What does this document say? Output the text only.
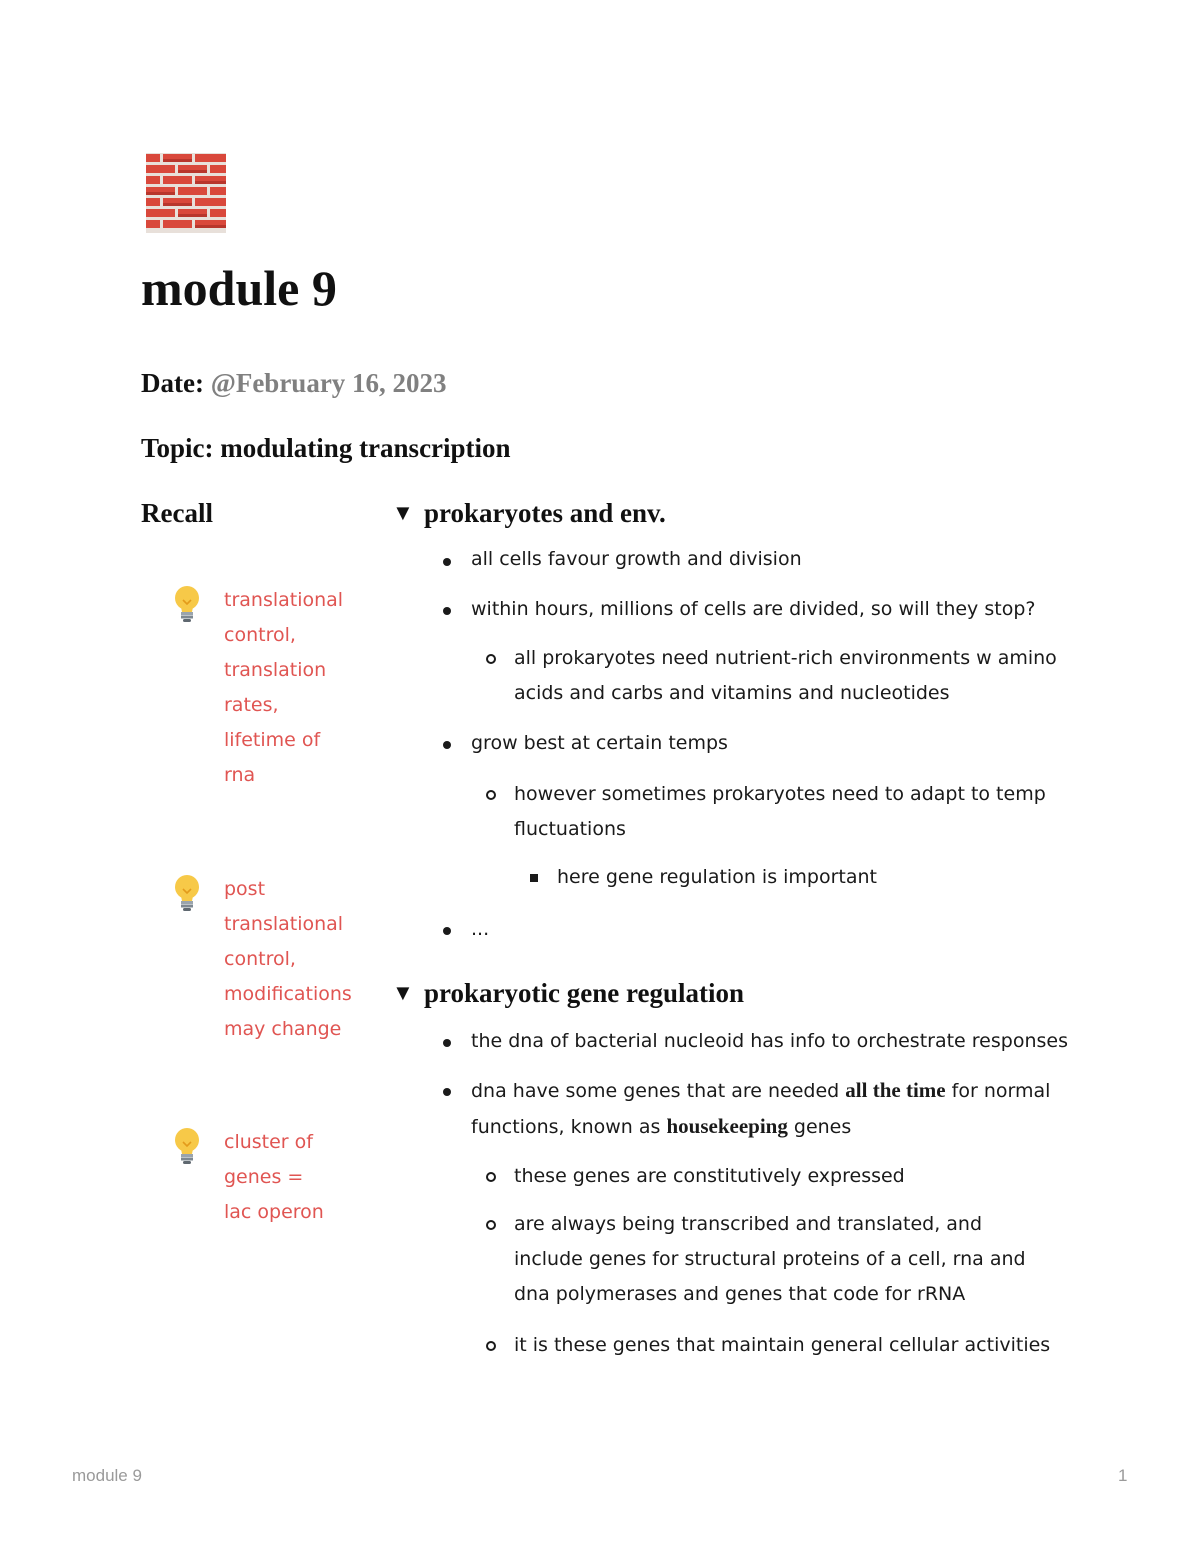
module 9

Date: @February 16, 2023

Topic: modulating transcription

Recall
translational
control,
translation
rates,
lifetime of
rna
post
translational
control,
modifications
may change
cluster of
genes =
lac operon
▼ prokaryotes and env.
all cells favour growth and division
within hours, millions of cells are divided, so will they stop?
all prokaryotes need nutrient-rich environments w amino acids and carbs and vitamins and nucleotides
grow best at certain temps
however sometimes prokaryotes need to adapt to temp fluctuations
here gene regulation is important
...
▼ prokaryotic gene regulation
the dna of bacterial nucleoid has info to orchestrate responses
dna have some genes that are needed all the time for normal functions, known as housekeeping genes
these genes are constitutively expressed
are always being transcribed and translated, and include genes for structural proteins of a cell, rna and dna polymerases and genes that code for rRNA
it is these genes that maintain general cellular activities
module 9	1
